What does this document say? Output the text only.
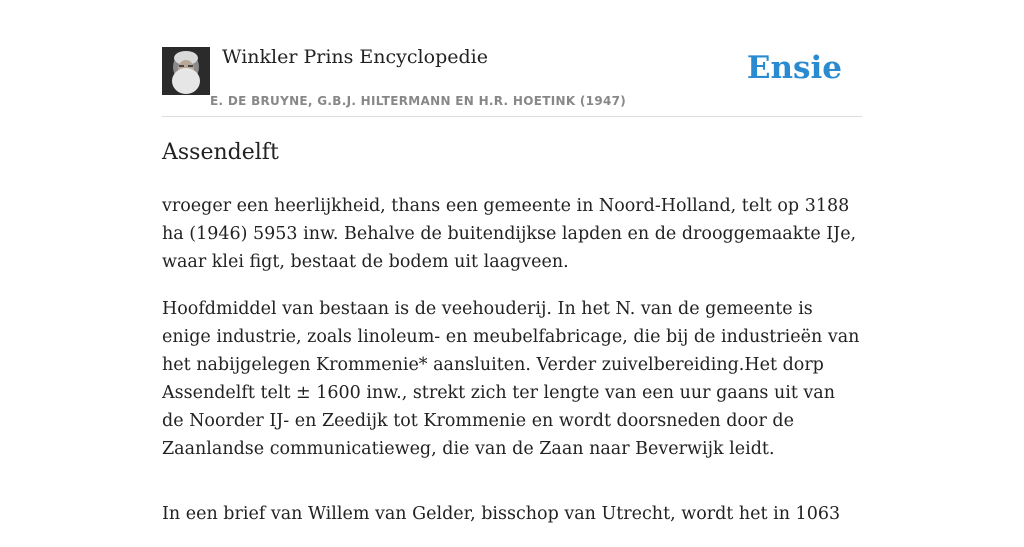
Winkler Prins Encyclopedie
E. DE BRUYNE, G.B.J. HILTERMANN EN H.R. HOETINK (1947)
Ensie
Assendelft

vroeger een heerlijkheid, thans een gemeente in Noord-Holland, telt op 3188 ha (1946) 5953 inw. Behalve de buitendijkse lapden en de drooggemaakte IJe, waar klei figt, bestaat de bodem uit laagveen.

Hoofdmiddel van bestaan is de veehouderij. In het N. van de gemeente is enige industrie, zoals linoleum- en meubelfabricage, die bij de industrieën van het nabijgelegen Krommenie* aansluiten. Verder zuivelbereiding.Het dorp Assendelft telt ± 1600 inw., strekt zich ter lengte van een uur gaans uit van de Noorder IJ- en Zeedijk tot Krommenie en wordt doorsneden door de Zaanlandse communicatieweg, die van de Zaan naar Beverwijk leidt.

In een brief van Willem van Gelder, bisschop van Utrecht, wordt het in 1063
